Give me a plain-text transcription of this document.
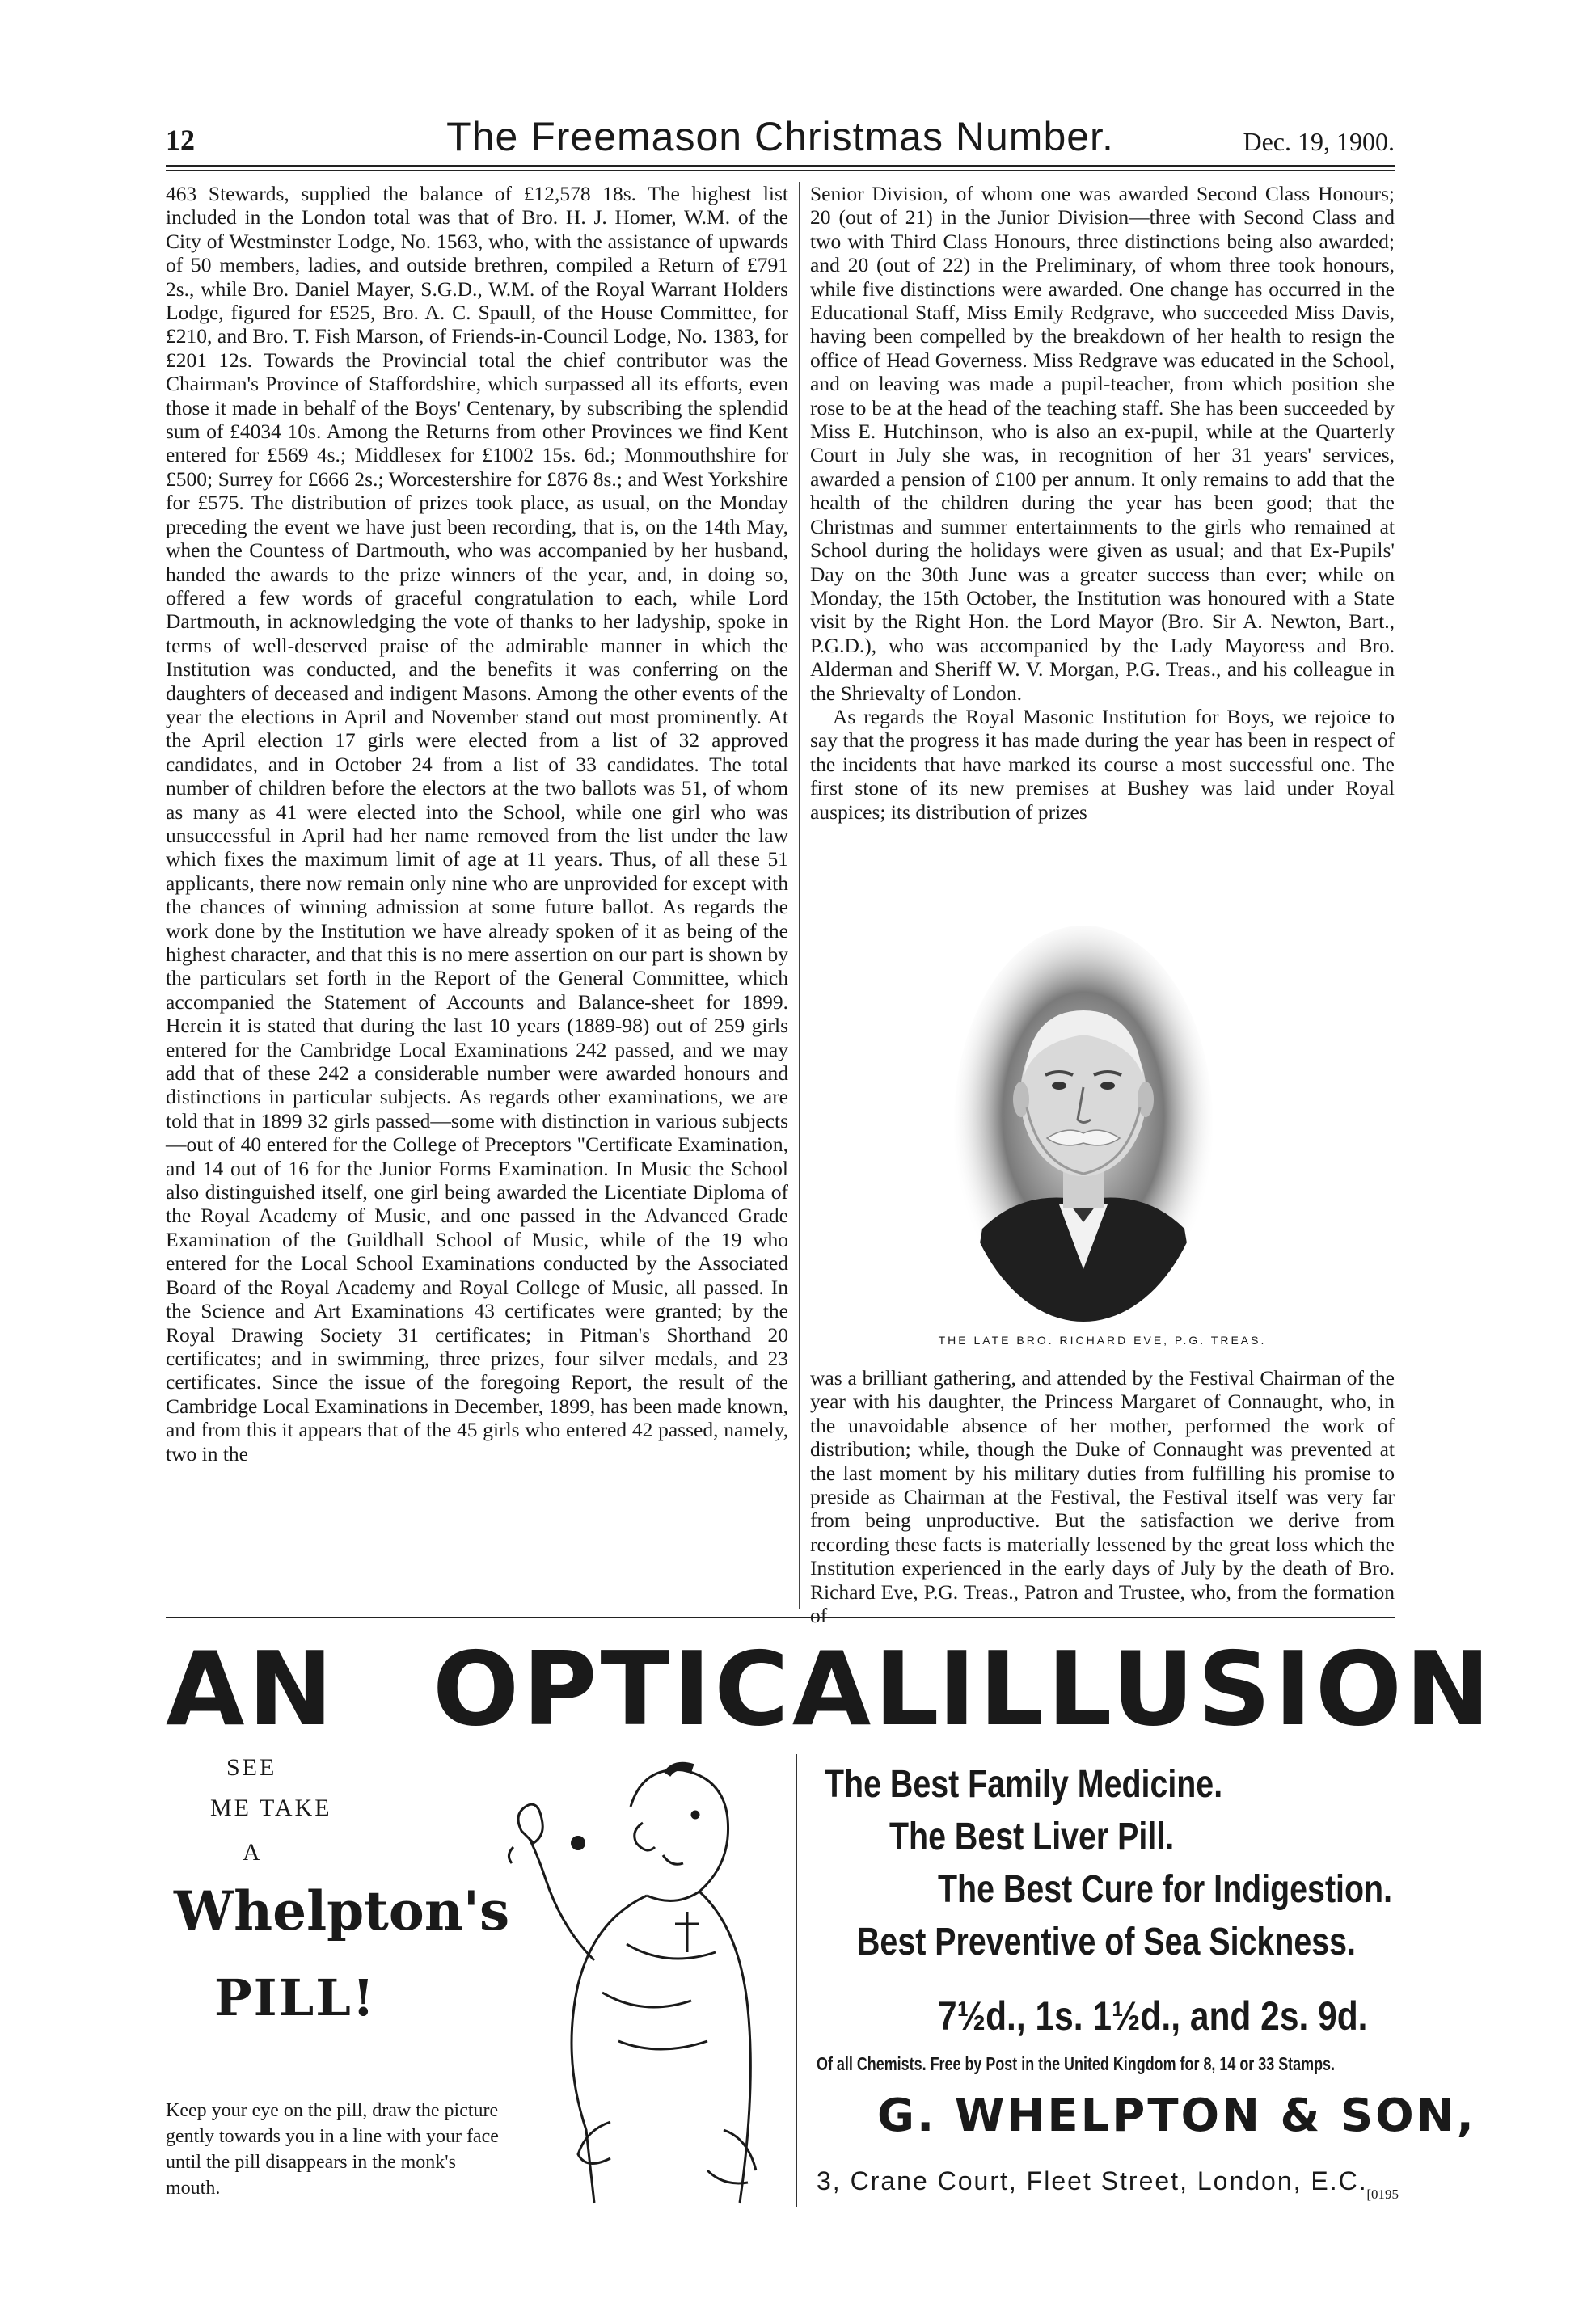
12	The Freemason Christmas Number.	Dec. 19, 1900.

463 Stewards, supplied the balance of £12,578 18s. The highest list included in the London total was that of Bro. H. J. Homer, W.M. of the City of Westminster Lodge, No. 1563, who, with the assistance of upwards of 50 members, ladies, and outside brethren, compiled a Return of £791 2s., while Bro. Daniel Mayer, S.G.D., W.M. of the Royal Warrant Holders Lodge, figured for £525, Bro. A. C. Spaull, of the House Committee, for £210, and Bro. T. Fish Marson, of Friends-in-Council Lodge, No. 1383, for £201 12s. Towards the Provincial total the chief contributor was the Chairman's Province of Staffordshire, which surpassed all its efforts, even those it made in behalf of the Boys' Centenary, by subscribing the splendid sum of £4034 10s. Among the Returns from other Provinces we find Kent entered for £569 4s.; Middlesex for £1002 15s. 6d.; Monmouthshire for £500; Surrey for £666 2s.; Worcestershire for £876 8s.; and West Yorkshire for £575. The distribution of prizes took place, as usual, on the Monday preceding the event we have just been recording, that is, on the 14th May, when the Countess of Dartmouth, who was accompanied by her husband, handed the awards to the prize winners of the year, and, in doing so, offered a few words of graceful congratulation to each, while Lord Dartmouth, in acknowledging the vote of thanks to her ladyship, spoke in terms of well-deserved praise of the admirable manner in which the Institution was conducted, and the benefits it was conferring on the daughters of deceased and indigent Masons. Among the other events of the year the elections in April and November stand out most prominently. At the April election 17 girls were elected from a list of 32 approved candidates, and in October 24 from a list of 33 candidates. The total number of children before the electors at the two ballots was 51, of whom as many as 41 were elected into the School, while one girl who was unsuccessful in April had her name removed from the list under the law which fixes the maximum limit of age at 11 years. Thus, of all these 51 applicants, there now remain only nine who are unprovided for except with the chances of winning admission at some future ballot. As regards the work done by the Institution we have already spoken of it as being of the highest character, and that this is no mere assertion on our part is shown by the particulars set forth in the Report of the General Committee, which accompanied the Statement of Accounts and Balance-sheet for 1899. Herein it is stated that during the last 10 years (1889-98) out of 259 girls entered for the Cambridge Local Examinations 242 passed, and we may add that of these 242 a considerable number were awarded honours and distinctions in particular subjects. As regards other examinations, we are told that in 1899 32 girls passed—some with distinction in various subjects—out of 40 entered for the College of Preceptors "Certificate Examination, and 14 out of 16 for the Junior Forms Examination. In Music the School also distinguished itself, one girl being awarded the Licentiate Diploma of the Royal Academy of Music, and one passed in the Advanced Grade Examination of the Guildhall School of Music, while of the 19 who entered for the Local School Examinations conducted by the Associated Board of the Royal Academy and Royal College of Music, all passed. In the Science and Art Examinations 43 certificates were granted; by the Royal Drawing Society 31 certificates; in Pitman's Shorthand 20 certificates; and in swimming, three prizes, four silver medals, and 23 certificates. Since the issue of the foregoing Report, the result of the Cambridge Local Examinations in December, 1899, has been made known, and from this it appears that of the 45 girls who entered 42 passed, namely, two in the

Senior Division, of whom one was awarded Second Class Honours; 20 (out of 21) in the Junior Division—three with Second Class and two with Third Class Honours, three distinctions being also awarded; and 20 (out of 22) in the Preliminary, of whom three took honours, while five distinctions were awarded. One change has occurred in the Educational Staff, Miss Emily Redgrave, who succeeded Miss Davis, having been compelled by the breakdown of her health to resign the office of Head Governess. Miss Redgrave was educated in the School, and on leaving was made a pupil-teacher, from which position she rose to be at the head of the teaching staff. She has been succeeded by Miss E. Hutchinson, who is also an ex-pupil, while at the Quarterly Court in July she was, in recognition of her 31 years' services, awarded a pension of £100 per annum. It only remains to add that the health of the children during the year has been good; that the Christmas and summer entertainments to the girls who remained at School during the holidays were given as usual; and that Ex-Pupils' Day on the 30th June was a greater success than ever; while on Monday, the 15th October, the Institution was honoured with a State visit by the Right Hon. the Lord Mayor (Bro. Sir A. Newton, Bart., P.G.D.), who was accompanied by the Lady Mayoress and Bro. Alderman and Sheriff W. V. Morgan, P.G. Treas., and his colleague in the Shrievalty of London.

As regards the Royal Masonic Institution for Boys, we rejoice to say that the progress it has made during the year has been in respect of the incidents that have marked its course a most successful one. The first stone of its new premises at Bushey was laid under Royal auspices; its distribution of prizes

THE LATE BRO. RICHARD EVE, P.G. TREAS.

was a brilliant gathering, and attended by the Festival Chairman of the year with his daughter, the Princess Margaret of Connaught, who, in the unavoidable absence of her mother, performed the work of distribution; while, though the Duke of Connaught was prevented at the last moment by his military duties from fulfilling his promise to preside as Chairman at the Festival, the Festival itself was very far from being unproductive. But the satisfaction we derive from recording these facts is materially lessened by the great loss which the Institution experienced in the early days of July by the death of Bro. Richard Eve, P.G. Treas., Patron and Trustee, who, from the formation of

AN OPTICAL
ILLUSION
SEE
ME TAKE
A
Whelpton's
PILL!
Keep your eye on the pill, draw the picture gently towards you in a line with your face until the pill disappears in the monk's mouth.
The Best Family Medicine.
The Best Liver Pill.
The Best Cure for Indigestion.
Best Preventive of Sea Sickness.
7½d., 1s. 1½d., and 2s. 9d.
Of all Chemists. Free by Post in the United Kingdom for 8, 14 or 33 Stamps.
G. WHELPTON & SON,
3, Crane Court, Fleet Street, London, E.C.
[0195
